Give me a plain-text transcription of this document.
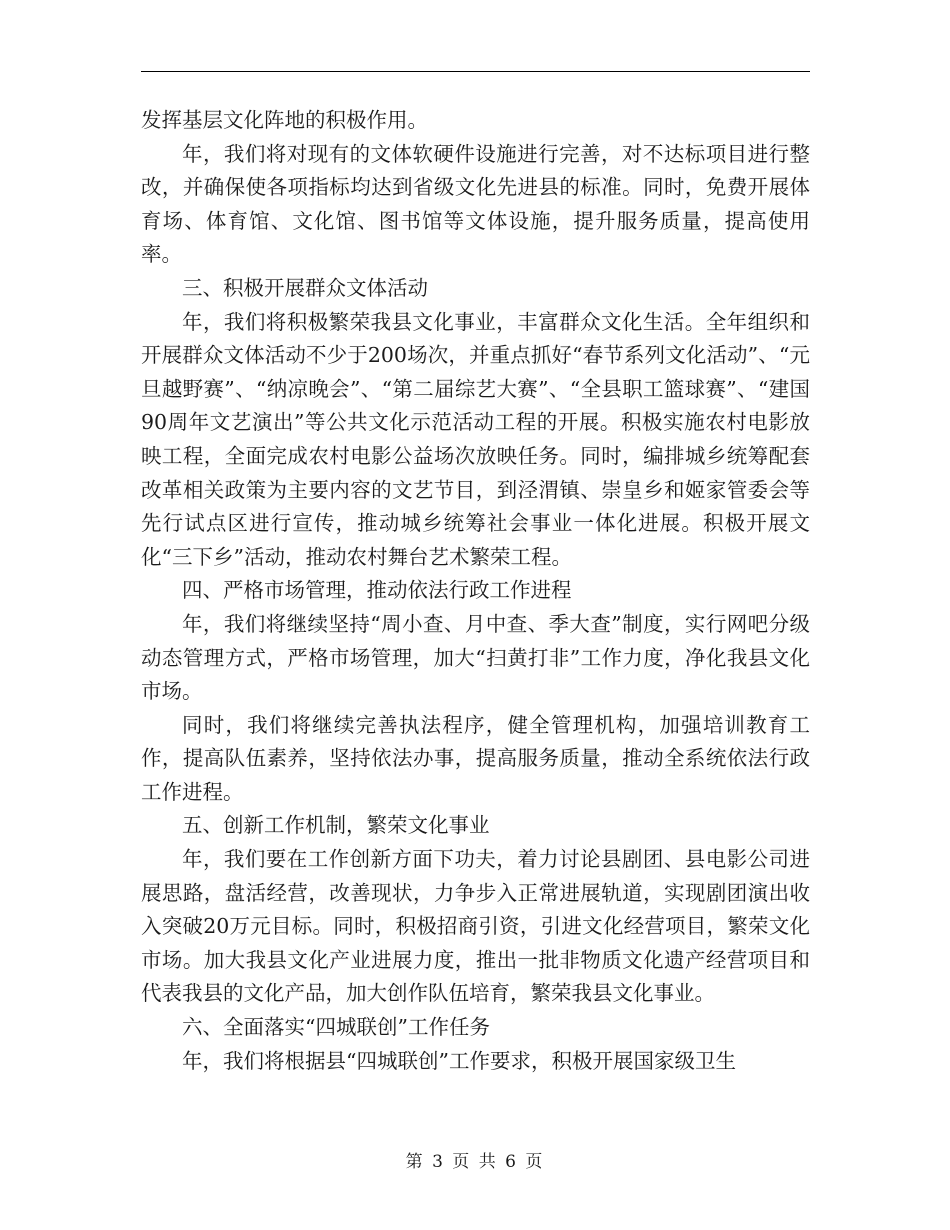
发挥基层文化阵地的积极作用。

年，我们将对现有的文体软硬件设施进行完善，对不达标项目进行整改，并确保使各项指标均达到省级文化先进县的标准。同时，免费开展体育场、体育馆、文化馆、图书馆等文体设施，提升服务质量，提高使用率。

三、积极开展群众文体活动

年，我们将积极繁荣我县文化事业，丰富群众文化生活。全年组织和开展群众文体活动不少于200场次，并重点抓好“春节系列文化活动”、“元旦越野赛”、“纳凉晚会”、“第二届综艺大赛”、“全县职工篮球赛”、“建国90周年文艺演出”等公共文化示范活动工程的开展。积极实施农村电影放映工程，全面完成农村电影公益场次放映任务。同时，编排城乡统筹配套改革相关政策为主要内容的文艺节目，到泾渭镇、崇皇乡和姬家管委会等先行试点区进行宣传，推动城乡统筹社会事业一体化进展。积极开展文化“三下乡”活动，推动农村舞台艺术繁荣工程。

四、严格市场管理，推动依法行政工作进程

年，我们将继续坚持“周小查、月中查、季大查”制度，实行网吧分级动态管理方式，严格市场管理，加大“扫黄打非”工作力度，净化我县文化市场。

同时，我们将继续完善执法程序，健全管理机构，加强培训教育工作，提高队伍素养，坚持依法办事，提高服务质量，推动全系统依法行政工作进程。

五、创新工作机制，繁荣文化事业

年，我们要在工作创新方面下功夫，着力讨论县剧团、县电影公司进展思路，盘活经营，改善现状，力争步入正常进展轨道，实现剧团演出收入突破20万元目标。同时，积极招商引资，引进文化经营项目，繁荣文化市场。加大我县文化产业进展力度，推出一批非物质文化遗产经营项目和代表我县的文化产品，加大创作队伍培育，繁荣我县文化事业。

六、全面落实“四城联创”工作任务

年，我们将根据县“四城联创”工作要求，积极开展国家级卫生

第 3 页 共 6 页
